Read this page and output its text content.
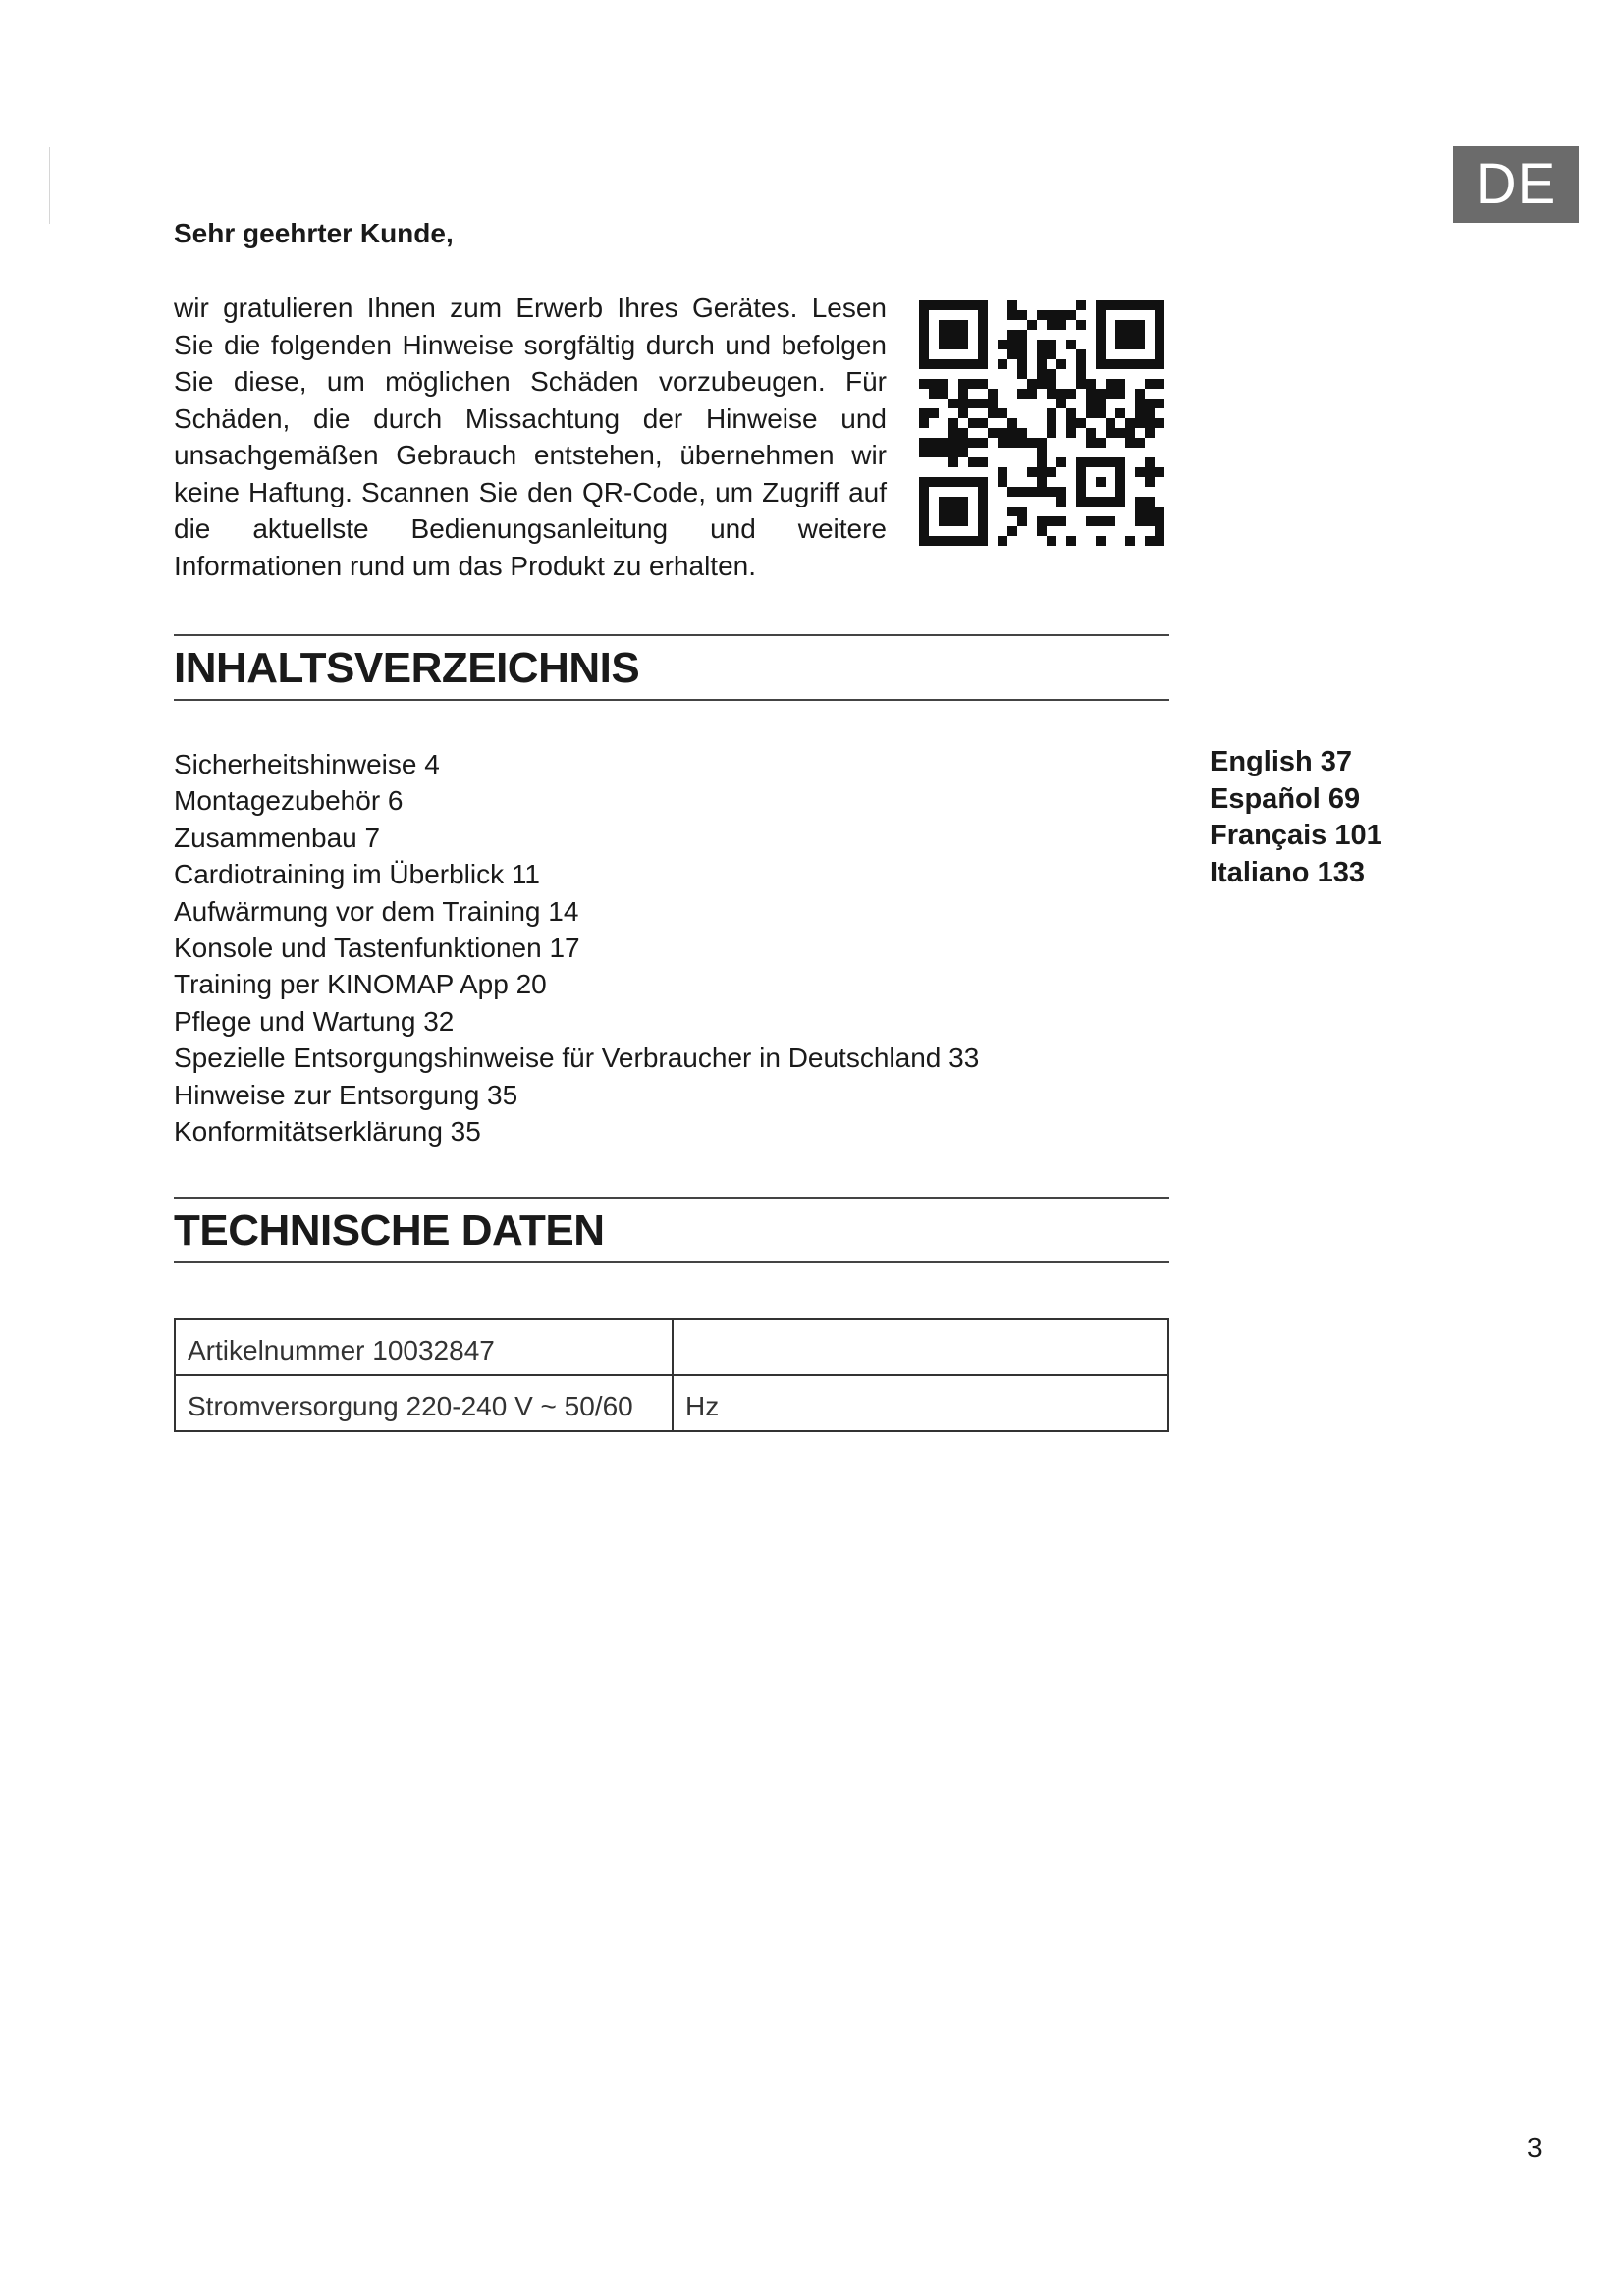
DE
Sehr geehrter Kunde,

wir gratulieren Ihnen zum Erwerb Ihres Gerätes. Lesen Sie die folgenden Hinweise sorgfältig durch und befolgen Sie diese, um möglichen Schäden vorzubeugen. Für Schäden, die durch Missachtung der Hinweise und unsachgemäßen Gebrauch entstehen, übernehmen wir keine Haftung. Scannen Sie den QR-Code, um Zugriff auf die aktuellste Bedienungsanleitung und weitere Informationen rund um das Produkt zu erhalten.

INHALTSVERZEICHNIS
Sicherheitshinweise 4
Montagezubehör 6
Zusammenbau 7
Cardiotraining im Überblick 11
Aufwärmung vor dem Training 14
Konsole und Tastenfunktionen 17
Training per KINOMAP App 20
Pflege und Wartung 32
Spezielle Entsorgungshinweise für Verbraucher in Deutschland 33
Hinweise zur Entsorgung 35
Konformitätserklärung 35
English 37
Español 69
Français 101
Italiano 133
TECHNISCHE DATEN
Artikelnummer 10032847	
Stromversorgung 220-240 V ~ 50/60	Hz
3
